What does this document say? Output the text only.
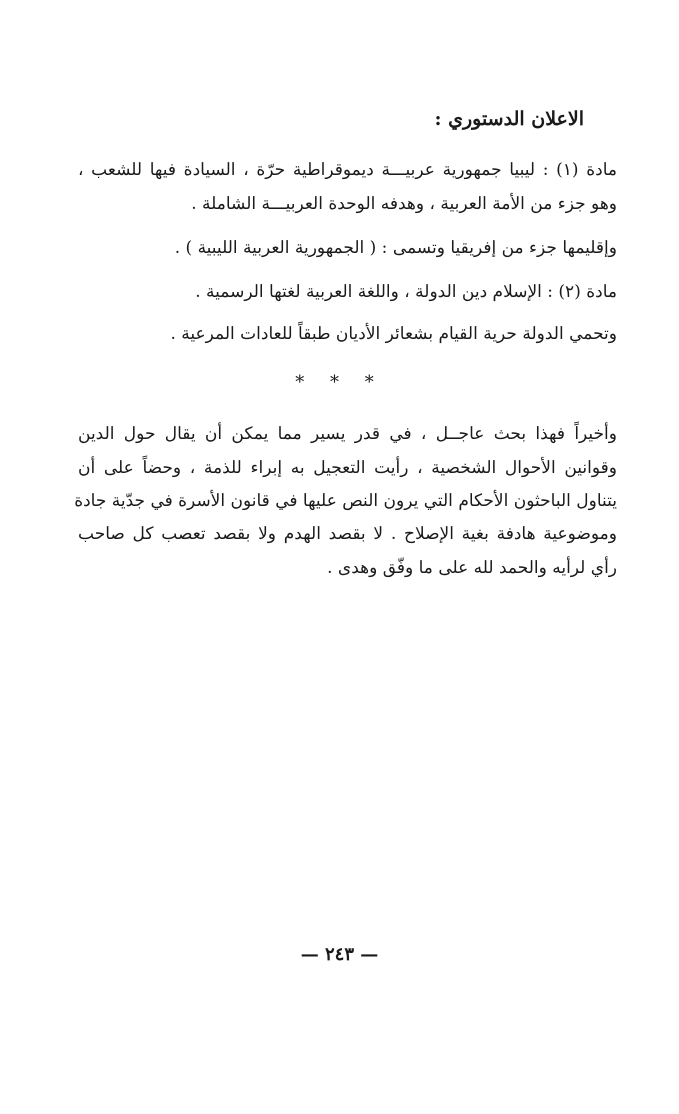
الاعلان الدستوري :
مادة (١) : ليبيا جمهورية عربيـــة ديموقراطية حرّة ، السيادة فيها للشعب ،
وهو جزء من الأمة العربية ، وهدفه الوحدة العربيـــة الشاملة .
وإقليمها جزء من إفريقيا وتسمى : ( الجمهورية العربية الليبية ) .
مادة (٢) : الإسلام دين الدولة ، واللغة العربية لغتها الرسمية .
وتحمي الدولة حرية القيام بشعائر الأديان طبقاً للعادات المرعية .
* * *
وأخيراً فهذا بحث عاجــل ، في قدر يسير مما يمكن أن يقال حول الدين
وقوانين الأحوال الشخصية ، رأيت التعجيل به إبراء للذمة ، وحضاً على أن
يتناول الباحثون الأحكام التي يرون النص عليها في قانون الأسرة في جدّية جادة
وموضوعية هادفة بغية الإصلاح . لا بقصد الهدم ولا بقصد تعصب كل صاحب
رأي لرأيه والحمد لله على ما وفّق وهدى .
— ٢٤٣ —
